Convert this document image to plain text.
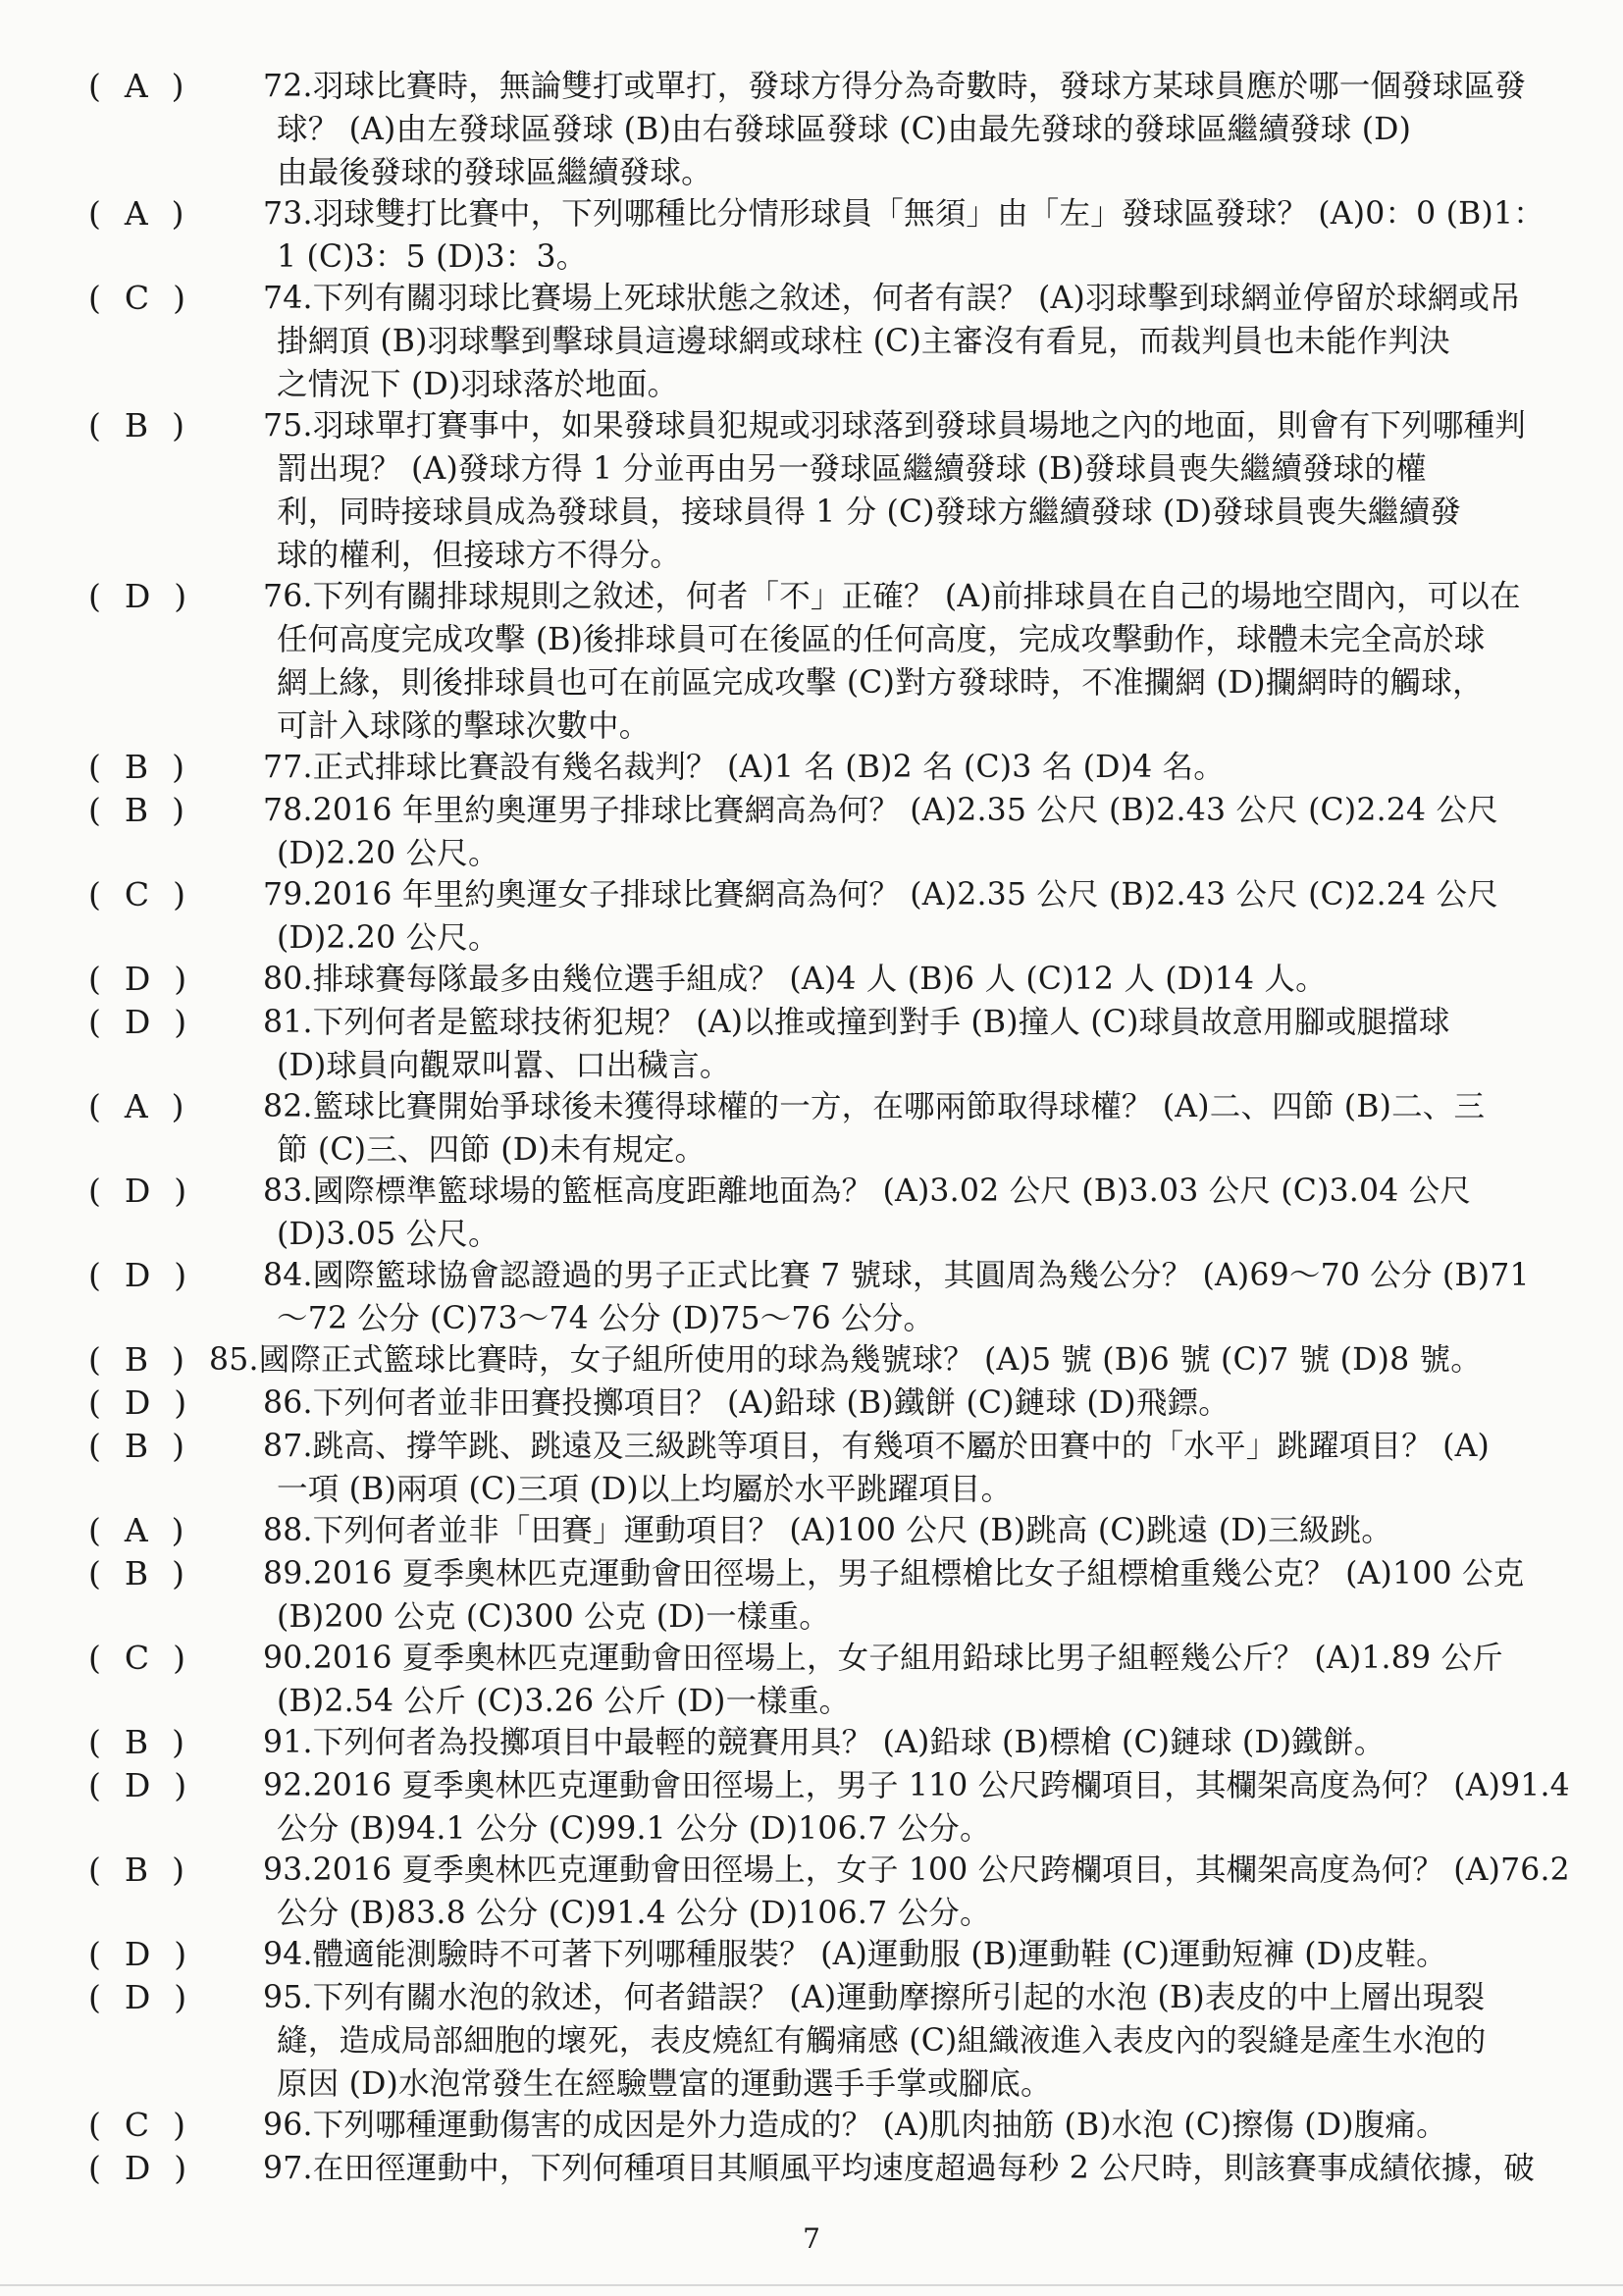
(  A  )	72.羽球比賽時，無論雙打或單打，發球方得分為奇數時，發球方某球員應於哪一個發球區發
球？ (A)由左發球區發球 (B)由右發球區發球 (C)由最先發球的發球區繼續發球 (D)
由最後發球的發球區繼續發球。
(  A  )	73.羽球雙打比賽中，下列哪種比分情形球員「無須」由「左」發球區發球？ (A)0：0 (B)1：
1 (C)3：5 (D)3：3。
(  C  )	74.下列有關羽球比賽場上死球狀態之敘述，何者有誤？ (A)羽球擊到球網並停留於球網或吊
掛網頂 (B)羽球擊到擊球員這邊球網或球柱 (C)主審沒有看見，而裁判員也未能作判決
之情況下 (D)羽球落於地面。
(  B  )	75.羽球單打賽事中，如果發球員犯規或羽球落到發球員場地之內的地面，則會有下列哪種判
罰出現？ (A)發球方得 1 分並再由另一發球區繼續發球 (B)發球員喪失繼續發球的權
利，同時接球員成為發球員，接球員得 1 分 (C)發球方繼續發球 (D)發球員喪失繼續發
球的權利，但接球方不得分。
(  D  )	76.下列有關排球規則之敘述，何者「不」正確？ (A)前排球員在自己的場地空間內，可以在
任何高度完成攻擊 (B)後排球員可在後區的任何高度，完成攻擊動作，球體未完全高於球
網上緣，則後排球員也可在前區完成攻擊 (C)對方發球時，不准攔網 (D)攔網時的觸球，
可計入球隊的擊球次數中。
(  B  )	77.正式排球比賽設有幾名裁判？ (A)1 名 (B)2 名 (C)3 名 (D)4 名。
(  B  )	78.2016 年里約奧運男子排球比賽網高為何？ (A)2.35 公尺 (B)2.43 公尺 (C)2.24 公尺
(D)2.20 公尺。
(  C  )	79.2016 年里約奧運女子排球比賽網高為何？ (A)2.35 公尺 (B)2.43 公尺 (C)2.24 公尺
(D)2.20 公尺。
(  D  )	80.排球賽每隊最多由幾位選手組成？ (A)4 人 (B)6 人 (C)12 人 (D)14 人。
(  D  )	81.下列何者是籃球技術犯規？ (A)以推或撞到對手 (B)撞人 (C)球員故意用腳或腿擋球
(D)球員向觀眾叫囂、口出穢言。
(  A  )	82.籃球比賽開始爭球後未獲得球權的一方，在哪兩節取得球權？ (A)二、四節 (B)二、三
節 (C)三、四節 (D)未有規定。
(  D  )	83.國際標準籃球場的籃框高度距離地面為？ (A)3.02 公尺 (B)3.03 公尺 (C)3.04 公尺
(D)3.05 公尺。
(  D  )	84.國際籃球協會認證過的男子正式比賽 7 號球，其圓周為幾公分？ (A)69～70 公分 (B)71
～72 公分 (C)73～74 公分 (D)75～76 公分。
(  B  ) 85.國際正式籃球比賽時，女子組所使用的球為幾號球？ (A)5 號 (B)6 號 (C)7 號 (D)8 號。
(  D  )	86.下列何者並非田賽投擲項目？ (A)鉛球 (B)鐵餅 (C)鏈球 (D)飛鏢。
(  B  )	87.跳高、撐竿跳、跳遠及三級跳等項目，有幾項不屬於田賽中的「水平」跳躍項目？ (A)
一項 (B)兩項 (C)三項 (D)以上均屬於水平跳躍項目。
(  A  )	88.下列何者並非「田賽」運動項目？ (A)100 公尺 (B)跳高 (C)跳遠 (D)三級跳。
(  B  )	89.2016 夏季奧林匹克運動會田徑場上，男子組標槍比女子組標槍重幾公克？ (A)100 公克
(B)200 公克 (C)300 公克 (D)一樣重。
(  C  )	90.2016 夏季奧林匹克運動會田徑場上，女子組用鉛球比男子組輕幾公斤？ (A)1.89 公斤
(B)2.54 公斤 (C)3.26 公斤 (D)一樣重。
(  B  )	91.下列何者為投擲項目中最輕的競賽用具？ (A)鉛球 (B)標槍 (C)鏈球 (D)鐵餅。
(  D  )	92.2016 夏季奧林匹克運動會田徑場上，男子 110 公尺跨欄項目，其欄架高度為何？ (A)91.4
公分 (B)94.1 公分 (C)99.1 公分 (D)106.7 公分。
(  B  )	93.2016 夏季奧林匹克運動會田徑場上，女子 100 公尺跨欄項目，其欄架高度為何？ (A)76.2
公分 (B)83.8 公分 (C)91.4 公分 (D)106.7 公分。
(  D  )	94.體適能測驗時不可著下列哪種服裝？ (A)運動服 (B)運動鞋 (C)運動短褲 (D)皮鞋。
(  D  )	95.下列有關水泡的敘述，何者錯誤？ (A)運動摩擦所引起的水泡 (B)表皮的中上層出現裂
縫，造成局部細胞的壞死，表皮燒紅有觸痛感 (C)組織液進入表皮內的裂縫是產生水泡的
原因 (D)水泡常發生在經驗豐富的運動選手手掌或腳底。
(  C  )	96.下列哪種運動傷害的成因是外力造成的？ (A)肌肉抽筋 (B)水泡 (C)擦傷 (D)腹痛。
(  D  )	97.在田徑運動中，下列何種項目其順風平均速度超過每秒 2 公尺時，則該賽事成績依據，破
7
